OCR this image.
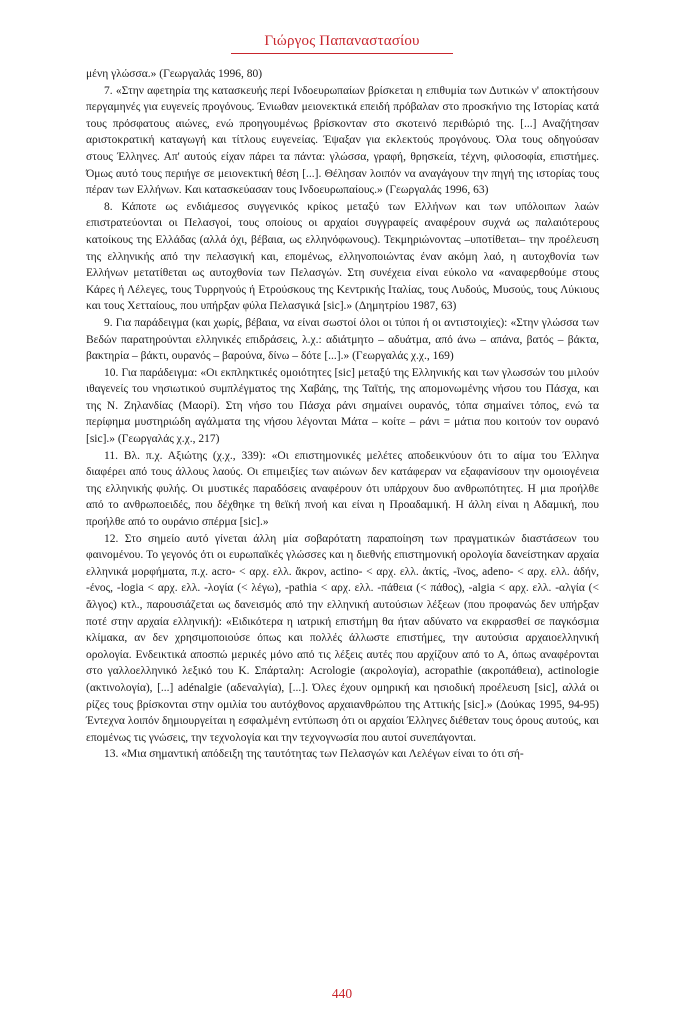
Γιώργος Παπαναστασίου

μένη γλώσσα.» (Γεωργαλάς 1996, 80)

7. «Στην αφετηρία της κατασκευής περί Ινδοευρωπαίων βρίσκεται η επιθυμία των Δυτικών ν' αποκτήσουν περγαμηνές για ευγενείς προγόνους. Ένιωθαν μειονεκτικά επειδή πρόβαλαν στο προσκήνιο της Ιστορίας κατά τους πρόσφατους αιώνες, ενώ προηγουμένως βρίσκονταν στο σκοτεινό περιθώριό της. [...] Αναζήτησαν αριστοκρατική καταγωγή και τίτλους ευγενείας. Έψαξαν για εκλεκτούς προγόνους. Όλα τους οδηγούσαν στους Έλληνες. Απ' αυτούς είχαν πάρει τα πάντα: γλώσσα, γραφή, θρησκεία, τέχνη, φιλοσοφία, επιστήμες. Όμως αυτό τους περιήγε σε μειονεκτική θέση [...]. Θέλησαν λοιπόν να αναγάγουν την πηγή της ιστορίας τους πέραν των Ελλήνων. Και κατασκεύασαν τους Ινδοευρωπαίους.» (Γεωργαλάς 1996, 63)

8. Κάποτε ως ενδιάμεσος συγγενικός κρίκος μεταξύ των Ελλήνων και των υπόλοιπων λαών επιστρατεύονται οι Πελασγοί, τους οποίους οι αρχαίοι συγγραφείς αναφέρουν συχνά ως παλαιότερους κατοίκους της Ελλάδας (αλλά όχι, βέβαια, ως ελληνόφωνους). Τεκμηριώνοντας –υποτίθεται– την προέλευση της ελληνικής από την πελασγική και, επομένως, ελληνοποιώντας έναν ακόμη λαό, η αυτοχθονία των Ελλήνων μετατίθεται ως αυτοχθονία των Πελασγών. Στη συνέχεια είναι εύκολο να «αναφερθούμε στους Κάρες ή Λέλεγες, τους Τυρρηνούς ή Ετρούσκους της Κεντρικής Ιταλίας, τους Λυδούς, Μυσούς, τους Λύκιους και τους Χετταίους, που υπήρξαν φύλα Πελασγικά [sic].» (Δημητρίου 1987, 63)

9. Για παράδειγμα (και χωρίς, βέβαια, να είναι σωστοί όλοι οι τύποι ή οι αντιστοιχίες): «Στην γλώσσα των Βεδών παρατηρούνται ελληνικές επιδράσεις, λ.χ.: αδιάτμητο – αδυάτμα, από άνω – απάνα, βατός – βάκτα, βακτηρία – βάκτι, ουρανός – βαρούνα, δίνω – δότε [...].» (Γεωργαλάς χ.χ., 169)

10. Για παράδειγμα: «Οι εκπληκτικές ομοιότητες [sic] μεταξύ της Ελληνικής και των γλωσσών του μιλούν ιθαγενείς του νησιωτικού συμπλέγματος της Χαβάης, της Ταϊτής, της απομονωμένης νήσου του Πάσχα, και της Ν. Ζηλανδίας (Μαορί). Στη νήσο του Πάσχα ράνι σημαίνει ουρανός, τόπα σημαίνει τόπος, ενώ τα περίφημα μυστηριώδη αγάλματα της νήσου λέγονται Μάτα – κοίτε – ράνι = μάτια που κοιτούν τον ουρανό [sic].» (Γεωργαλάς χ.χ., 217)

11. Βλ. π.χ. Αξιώτης (χ.χ., 339): «Οι επιστημονικές μελέτες αποδεικνύουν ότι το αίμα του Έλληνα διαφέρει από τους άλλους λαούς. Οι επιμειξίες των αιώνων δεν κατάφεραν να εξαφανίσουν την ομοιογένεια της ελληνικής φυλής. Οι μυστικές παραδόσεις αναφέρουν ότι υπάρχουν δυο ανθρωπότητες. Η μια προήλθε από το ανθρωποειδές, που δέχθηκε τη θεϊκή πνοή και είναι η Προαδαμική. Η άλλη είναι η Αδαμική, που προήλθε από το ουράνιο σπέρμα [sic].»

12. Στο σημείο αυτό γίνεται άλλη μία σοβαρότατη παραποίηση των πραγματικών διαστάσεων του φαινομένου. Το γεγονός ότι οι ευρωπαϊκές γλώσσες και η διεθνής επιστημονική ορολογία δανείστηκαν αρχαία ελληνικά μορφήματα, π.χ. acro- < αρχ. ελλ. ἄκρον, actino- < αρχ. ελλ. ἀκτίς, -ῖνος, adeno- < αρχ. ελλ. ἀδήν, -ένος, -logia < αρχ. ελλ. -λογία (< λέγω), -pathia < αρχ. ελλ. -πάθεια (< πάθος), -algia < αρχ. ελλ. -αλγία (< ἄλγος) κτλ., παρουσιάζεται ως δανεισμός από την ελληνική αυτούσιων λέξεων (που προφανώς δεν υπήρξαν ποτέ στην αρχαία ελληνική): «Ειδικότερα η ιατρική επιστήμη θα ήταν αδύνατο να εκφρασθεί σε παγκόσμια κλίμακα, αν δεν χρησιμοποιούσε όπως και πολλές άλλωστε επιστήμες, την αυτούσια αρχαιοελληνική ορολογία. Ενδεικτικά αποσπώ μερικές μόνο από τις λέξεις αυτές που αρχίζουν από το Α, όπως αναφέρονται στο γαλλοελληνικό λεξικό του Κ. Σπάρταλη: Acrologie (ακρολογία), acropathie (ακροπάθεια), actinologie (ακτινολογία), [...] adénalgie (αδεναλγία), [...]. Όλες έχουν ομηρική και ησιοδική προέλευση [sic], αλλά οι ρίζες τους βρίσκονται στην ομιλία του αυτόχθονος αρχαιανθρώπου της Αττικής [sic].» (Δούκας 1995, 94-95) Έντεχνα λοιπόν δημιουργείται η εσφαλμένη εντύπωση ότι οι αρχαίοι Έλληνες διέθεταν τους όρους αυτούς, και επομένως τις γνώσεις, την τεχνολογία και την τεχνογνωσία που αυτοί συνεπάγονται.

13. «Μια σημαντική απόδειξη της ταυτότητας των Πελασγών και Λελέγων είναι το ότι σή-

440
